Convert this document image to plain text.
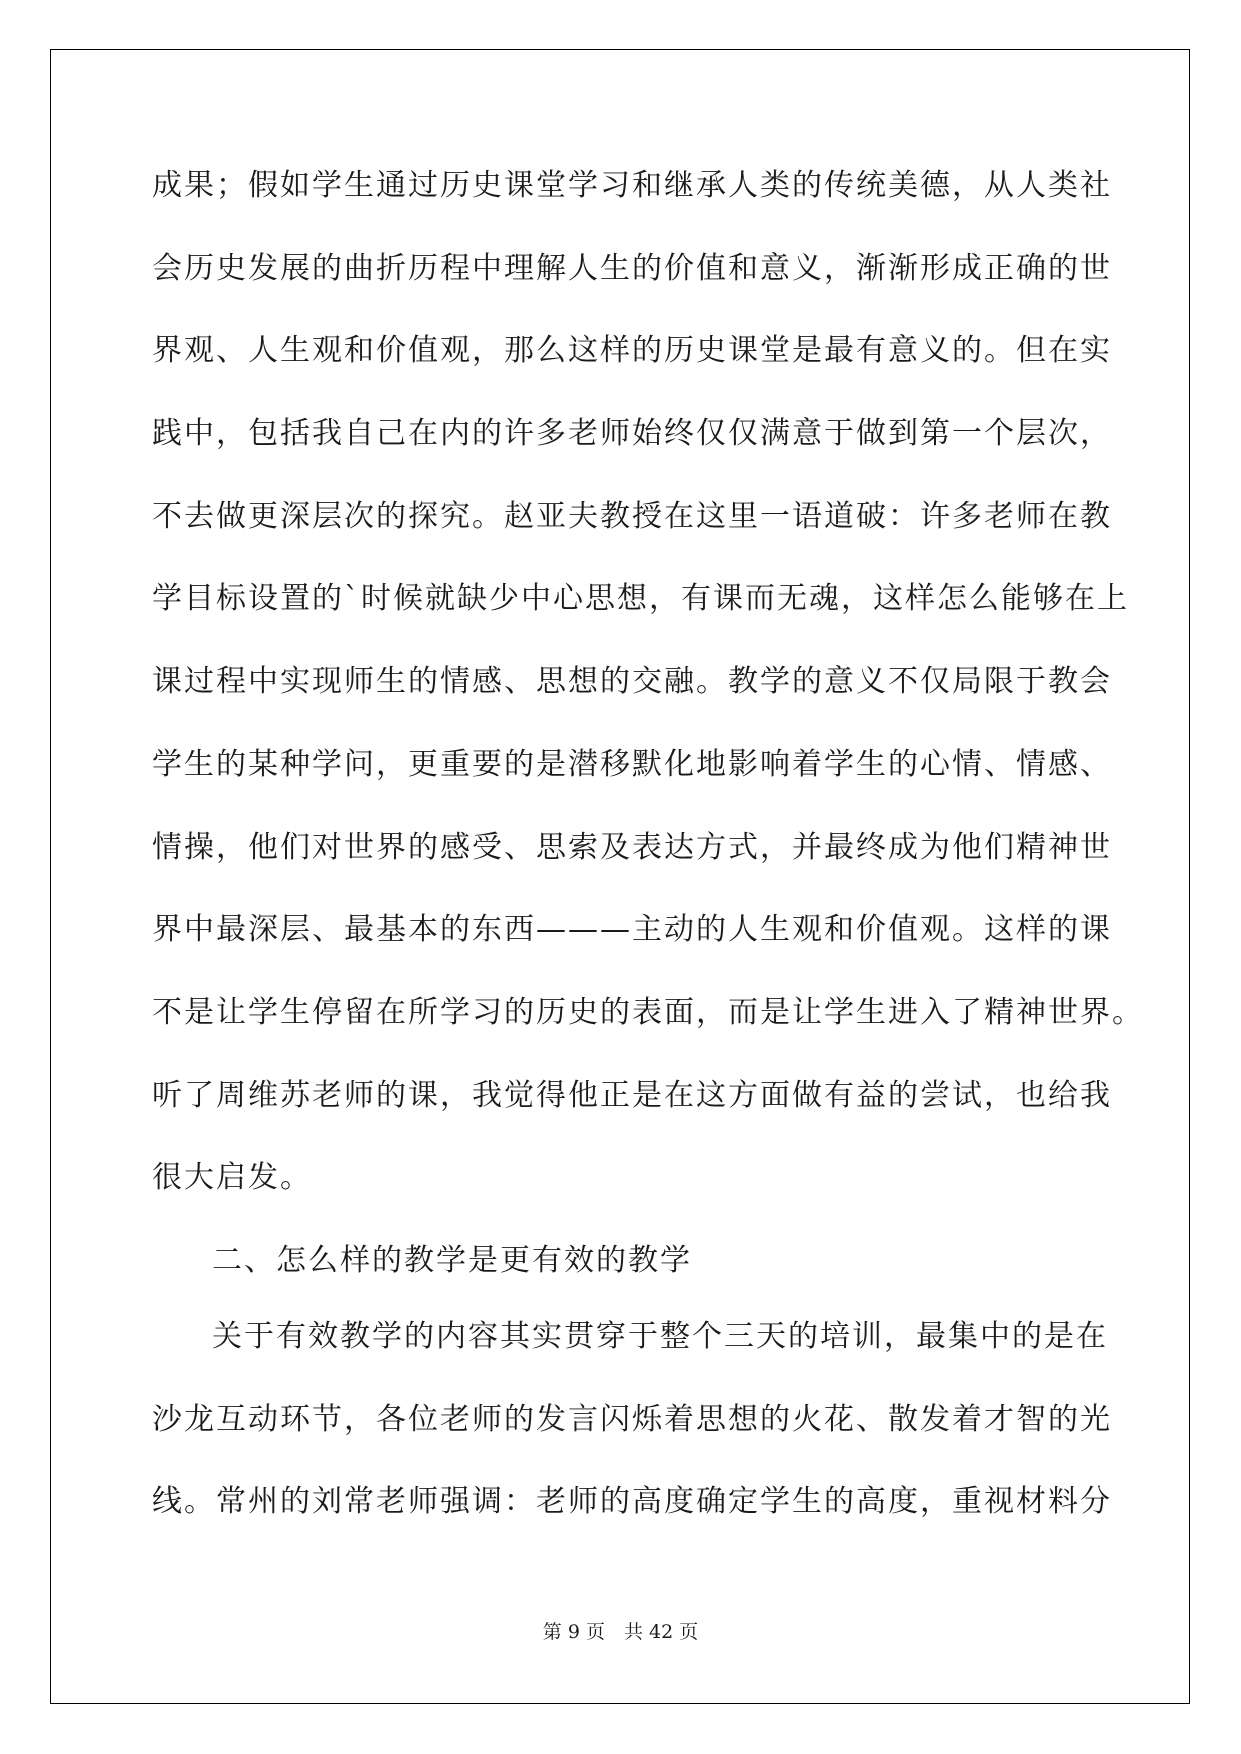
成果；假如学生通过历史课堂学习和继承人类的传统美德，从人类社
会历史发展的曲折历程中理解人生的价值和意义，渐渐形成正确的世
界观、人生观和价值观，那么这样的历史课堂是最有意义的。但在实
践中，包括我自己在内的许多老师始终仅仅满意于做到第一个层次，
不去做更深层次的探究。赵亚夫教授在这里一语道破：许多老师在教
学目标设置的`时候就缺少中心思想，有课而无魂，这样怎么能够在上
课过程中实现师生的情感、思想的交融。教学的意义不仅局限于教会
学生的某种学问，更重要的是潜移默化地影响着学生的心情、情感、
情操，他们对世界的感受、思索及表达方式，并最终成为他们精神世
界中最深层、最基本的东西———主动的人生观和价值观。这样的课
不是让学生停留在所学习的历史的表面，而是让学生进入了精神世界。
听了周维苏老师的课，我觉得他正是在这方面做有益的尝试，也给我
很大启发。
二、怎么样的教学是更有效的教学
关于有效教学的内容其实贯穿于整个三天的培训，最集中的是在
沙龙互动环节，各位老师的发言闪烁着思想的火花、散发着才智的光
线。常州的刘常老师强调：老师的高度确定学生的高度，重视材料分
第 9 页　共 42 页
